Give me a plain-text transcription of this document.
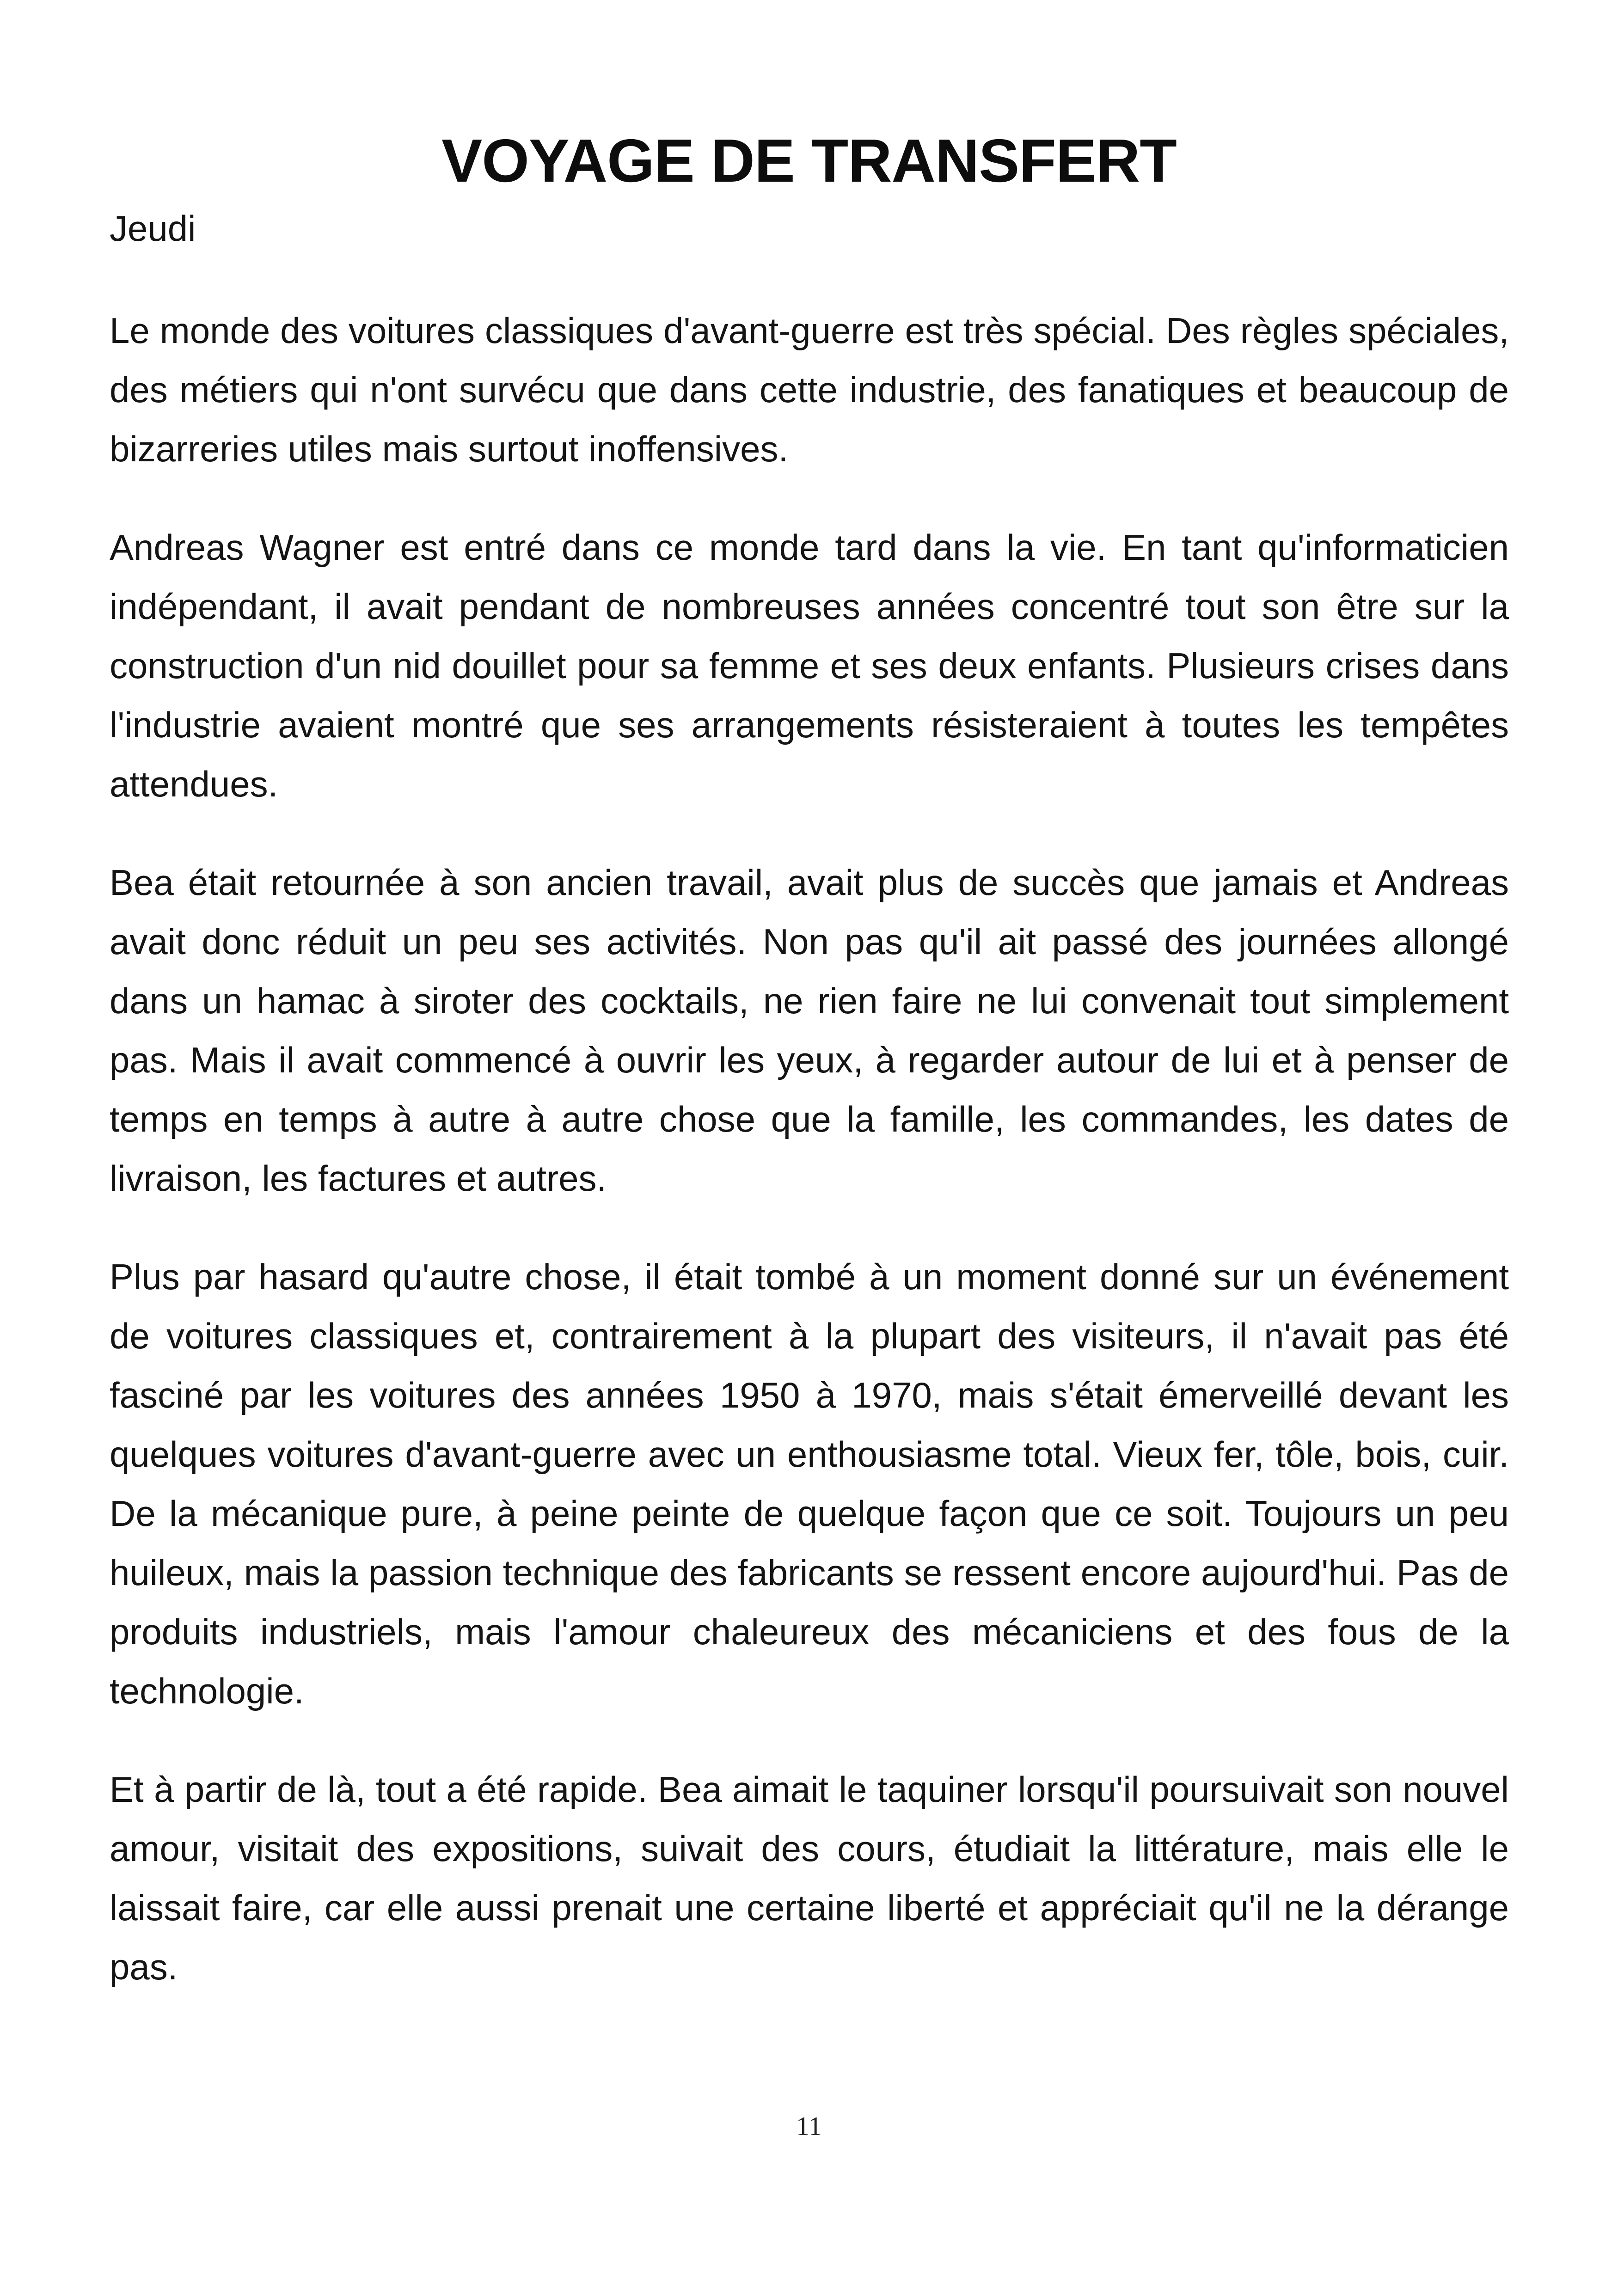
VOYAGE DE TRANSFERT

Jeudi

Le monde des voitures classiques d'avant-guerre est très spécial. Des règles spéciales, des métiers qui n'ont survécu que dans cette industrie, des fanatiques et beaucoup de bizarreries utiles mais surtout inoffensives.

Andreas Wagner est entré dans ce monde tard dans la vie. En tant qu'informaticien indépendant, il avait pendant de nombreuses années concentré tout son être sur la construction d'un nid douillet pour sa femme et ses deux enfants. Plusieurs crises dans l'industrie avaient montré que ses arrangements résisteraient à toutes les tempêtes attendues.

Bea était retournée à son ancien travail, avait plus de succès que jamais et Andreas avait donc réduit un peu ses activités. Non pas qu'il ait passé des journées allongé dans un hamac à siroter des cocktails, ne rien faire ne lui convenait tout simplement pas. Mais il avait commencé à ouvrir les yeux, à regarder autour de lui et à penser de temps en temps à autre à autre chose que la famille, les commandes, les dates de livraison, les factures et autres.

Plus par hasard qu'autre chose, il était tombé à un moment donné sur un événement de voitures classiques et, contrairement à la plupart des visiteurs, il n'avait pas été fasciné par les voitures des années 1950 à 1970, mais s'était émerveillé devant les quelques voitures d'avant-guerre avec un enthousiasme total. Vieux fer, tôle, bois, cuir. De la mécanique pure, à peine peinte de quelque façon que ce soit. Toujours un peu huileux, mais la passion technique des fabricants se ressent encore aujourd'hui. Pas de produits industriels, mais l'amour chaleureux des mécaniciens et des fous de la technologie.

Et à partir de là, tout a été rapide. Bea aimait le taquiner lorsqu'il poursuivait son nouvel amour, visitait des expositions, suivait des cours, étudiait la littérature, mais elle le laissait faire, car elle aussi prenait une certaine liberté et appréciait qu'il ne la dérange pas.

11
